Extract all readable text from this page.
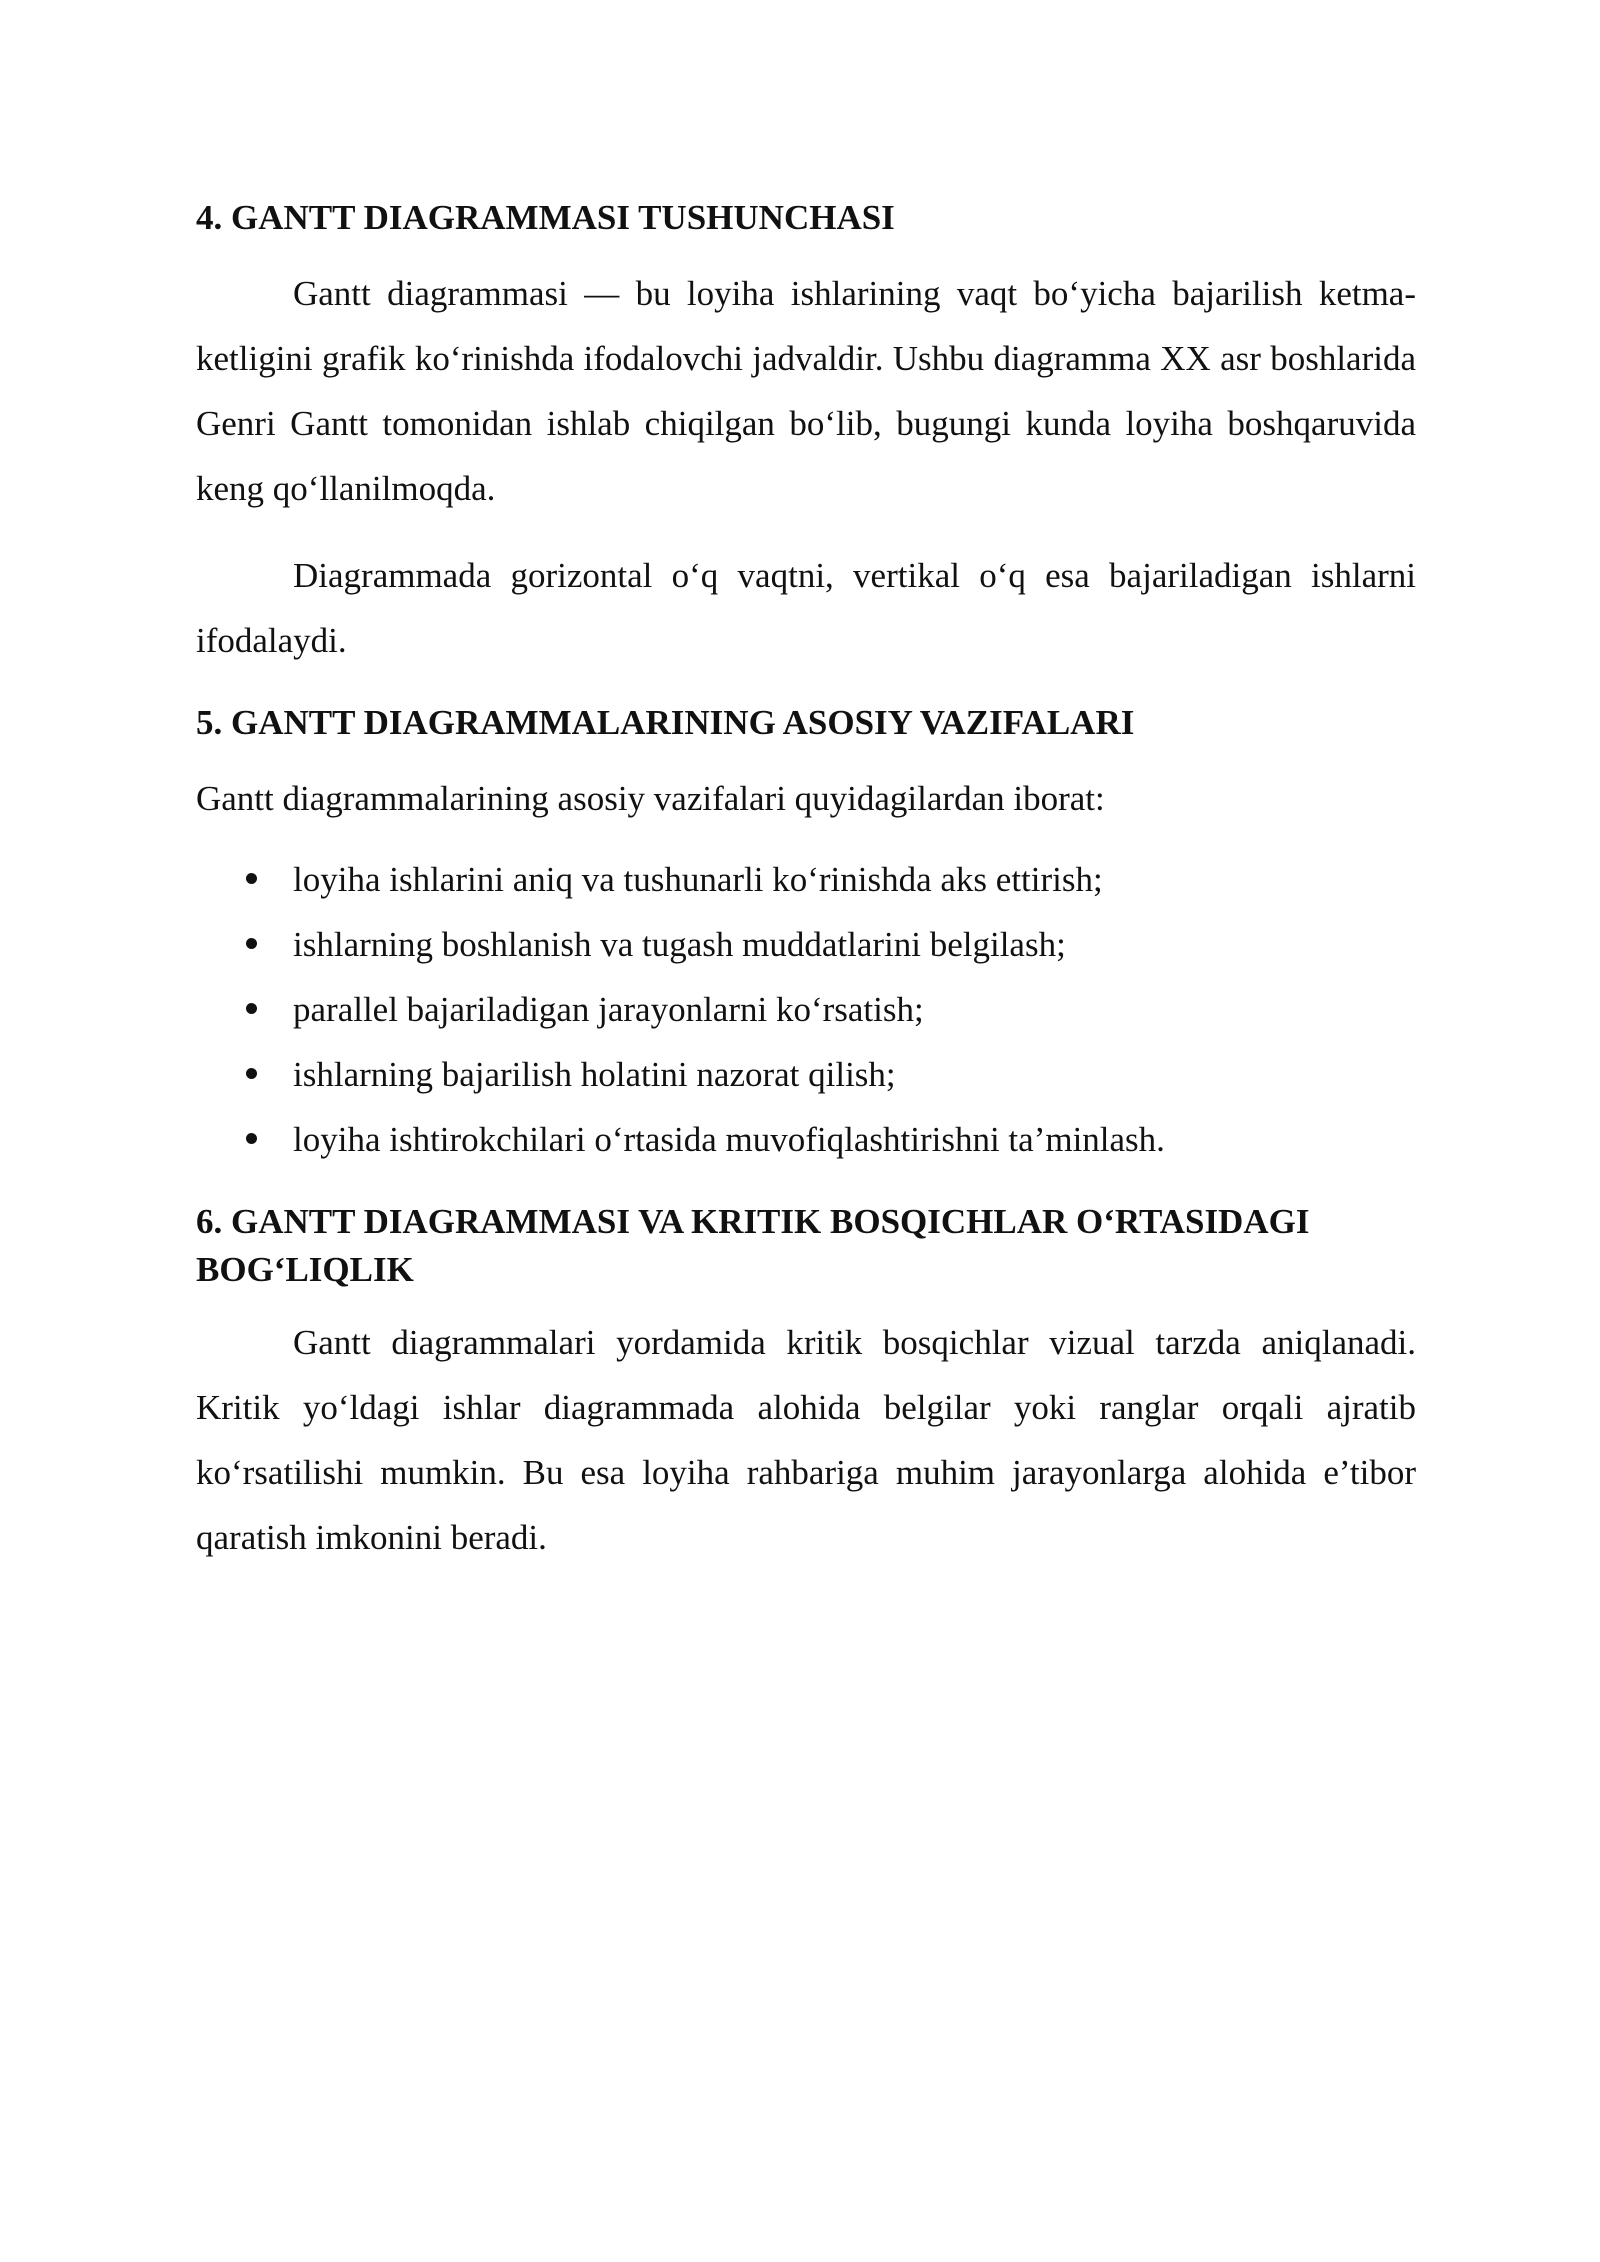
4. GANTT DIAGRAMMASI TUSHUNCHASI

Gantt diagrammasi — bu loyiha ishlarining vaqt bo‘yicha bajarilish ketma-ketligini grafik ko‘rinishda ifodalovchi jadvaldir. Ushbu diagramma XX asr boshlarida Genri Gantt tomonidan ishlab chiqilgan bo‘lib, bugungi kunda loyiha boshqaruvida keng qo‘llanilmoqda.

Diagrammada gorizontal o‘q vaqtni, vertikal o‘q esa bajariladigan ishlarni ifodalaydi.

5. GANTT DIAGRAMMALARINING ASOSIY VAZIFALARI

Gantt diagrammalarining asosiy vazifalari quyidagilardan iborat:

loyiha ishlarini aniq va tushunarli ko‘rinishda aks ettirish;
ishlarning boshlanish va tugash muddatlarini belgilash;
parallel bajariladigan jarayonlarni ko‘rsatish;
ishlarning bajarilish holatini nazorat qilish;
loyiha ishtirokchilari o‘rtasida muvofiqlashtirishni ta’minlash.
6. GANTT DIAGRAMMASI VA KRITIK BOSQICHLAR O‘RTASIDAGI BOG‘LIQLIK

Gantt diagrammalari yordamida kritik bosqichlar vizual tarzda aniqlanadi. Kritik yo‘ldagi ishlar diagrammada alohida belgilar yoki ranglar orqali ajratib ko‘rsatilishi mumkin. Bu esa loyiha rahbariga muhim jarayonlarga alohida e’tibor qaratish imkonini beradi.
